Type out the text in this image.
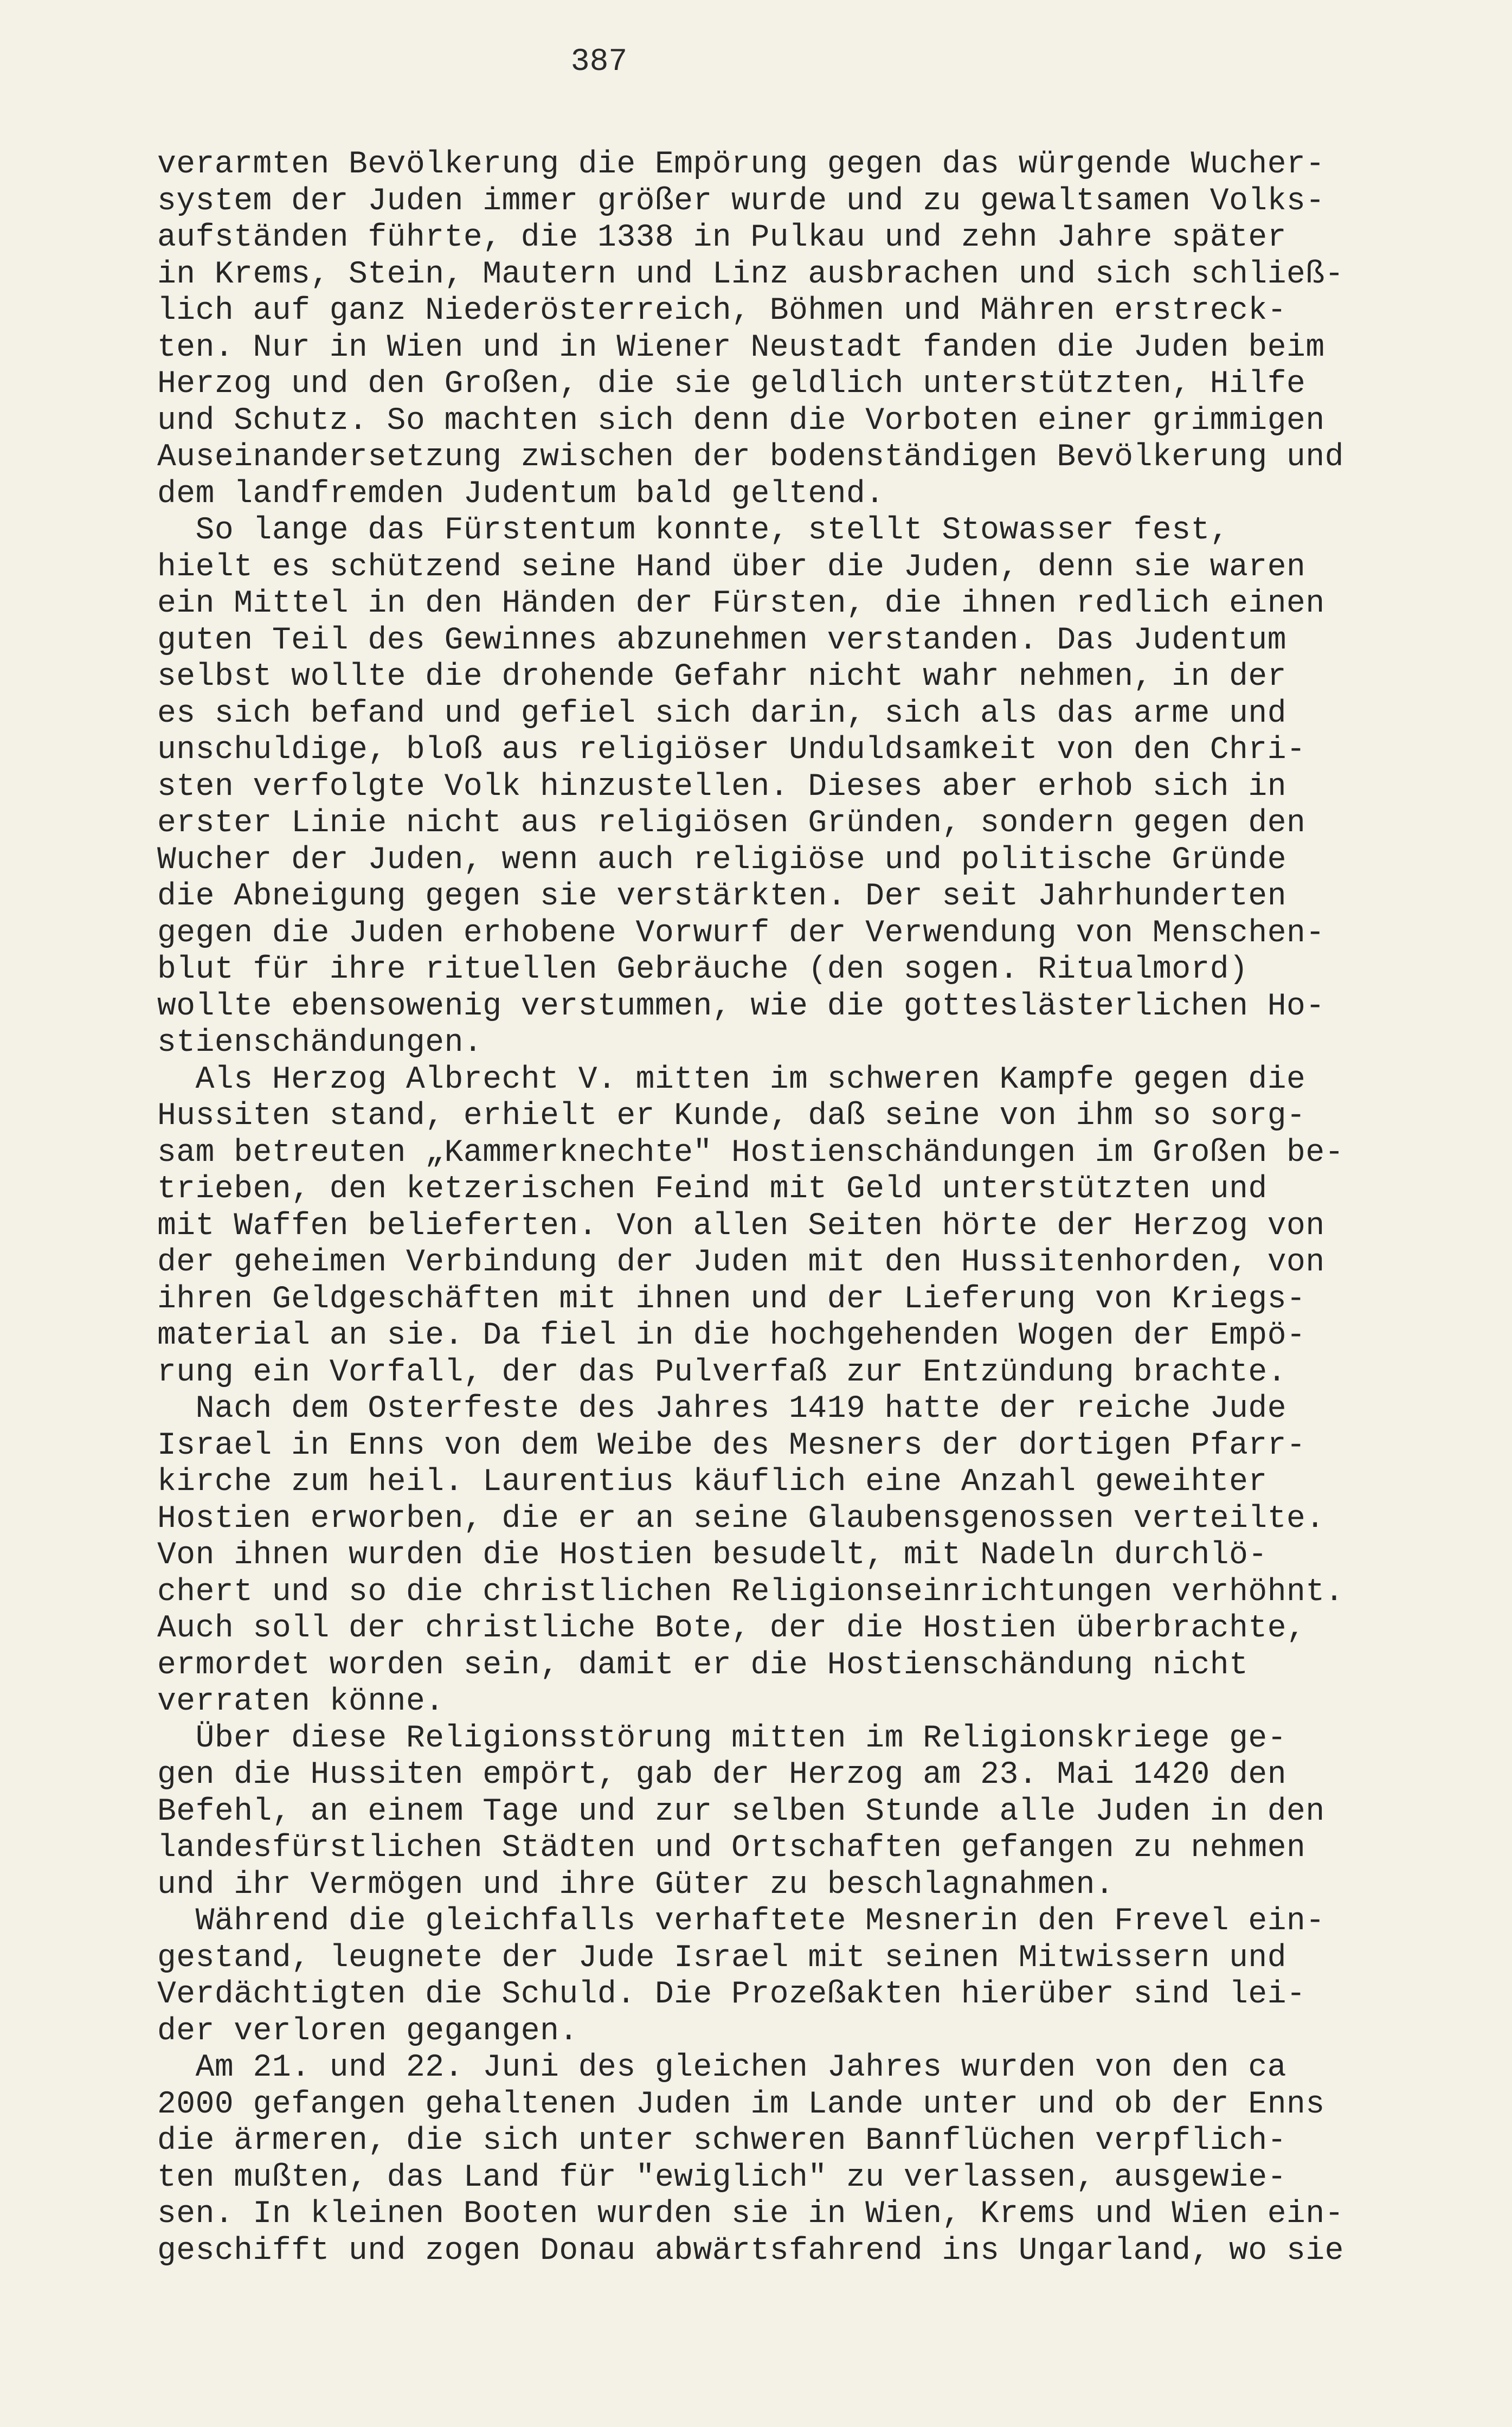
387
verarmten Bevölkerung die Empörung gegen das würgende Wucher-
system der Juden immer größer wurde und zu gewaltsamen Volks-
aufständen führte, die 1338 in Pulkau und zehn Jahre später
in Krems, Stein, Mautern und Linz ausbrachen und sich schließ-
lich auf ganz Niederösterreich, Böhmen und Mähren erstreck-
ten. Nur in Wien und in Wiener Neustadt fanden die Juden beim
Herzog und den Großen, die sie geldlich unterstützten, Hilfe
und Schutz. So machten sich denn die Vorboten einer grimmigen
Auseinandersetzung zwischen der bodenständigen Bevölkerung und
dem landfremden Judentum bald geltend.
So lange das Fürstentum konnte, stellt Stowasser fest,
hielt es schützend seine Hand über die Juden, denn sie waren
ein Mittel in den Händen der Fürsten, die ihnen redlich einen
guten Teil des Gewinnes abzunehmen verstanden. Das Judentum
selbst wollte die drohende Gefahr nicht wahr nehmen, in der
es sich befand und gefiel sich darin, sich als das arme und
unschuldige, bloß aus religiöser Unduldsamkeit von den Chri-
sten verfolgte Volk hinzustellen. Dieses aber erhob sich in
erster Linie nicht aus religiösen Gründen, sondern gegen den
Wucher der Juden, wenn auch religiöse und politische Gründe
die Abneigung gegen sie verstärkten. Der seit Jahrhunderten
gegen die Juden erhobene Vorwurf der Verwendung von Menschen-
blut für ihre rituellen Gebräuche (den sogen. Ritualmord)
wollte ebensowenig verstummen, wie die gotteslästerlichen Ho-
stienschändungen.
Als Herzog Albrecht V. mitten im schweren Kampfe gegen die
Hussiten stand, erhielt er Kunde, daß seine von ihm so sorg-
sam betreuten „Kammerknechte" Hostienschändungen im Großen be-
trieben, den ketzerischen Feind mit Geld unterstützten und
mit Waffen belieferten. Von allen Seiten hörte der Herzog von
der geheimen Verbindung der Juden mit den Hussitenhorden, von
ihren Geldgeschäften mit ihnen und der Lieferung von Kriegs-
material an sie. Da fiel in die hochgehenden Wogen der Empö-
rung ein Vorfall, der das Pulverfaß zur Entzündung brachte.
Nach dem Osterfeste des Jahres 1419 hatte der reiche Jude
Israel in Enns von dem Weibe des Mesners der dortigen Pfarr-
kirche zum heil. Laurentius käuflich eine Anzahl geweihter
Hostien erworben, die er an seine Glaubensgenossen verteilte.
Von ihnen wurden die Hostien besudelt, mit Nadeln durchlö-
chert und so die christlichen Religionseinrichtungen verhöhnt.
Auch soll der christliche Bote, der die Hostien überbrachte,
ermordet worden sein, damit er die Hostienschändung nicht
verraten könne.
Über diese Religionsstörung mitten im Religionskriege ge-
gen die Hussiten empört, gab der Herzog am 23. Mai 1420 den
Befehl, an einem Tage und zur selben Stunde alle Juden in den
landesfürstlichen Städten und Ortschaften gefangen zu nehmen
und ihr Vermögen und ihre Güter zu beschlagnahmen.
Während die gleichfalls verhaftete Mesnerin den Frevel ein-
gestand, leugnete der Jude Israel mit seinen Mitwissern und
Verdächtigten die Schuld. Die Prozeßakten hierüber sind lei-
der verloren gegangen.
Am 21. und 22. Juni des gleichen Jahres wurden von den ca
2000 gefangen gehaltenen Juden im Lande unter und ob der Enns
die ärmeren, die sich unter schweren Bannflüchen verpflich-
ten mußten, das Land für "ewiglich" zu verlassen, ausgewie-
sen. In kleinen Booten wurden sie in Wien, Krems und Wien ein-
geschifft und zogen Donau abwärtsfahrend ins Ungarland, wo sie
